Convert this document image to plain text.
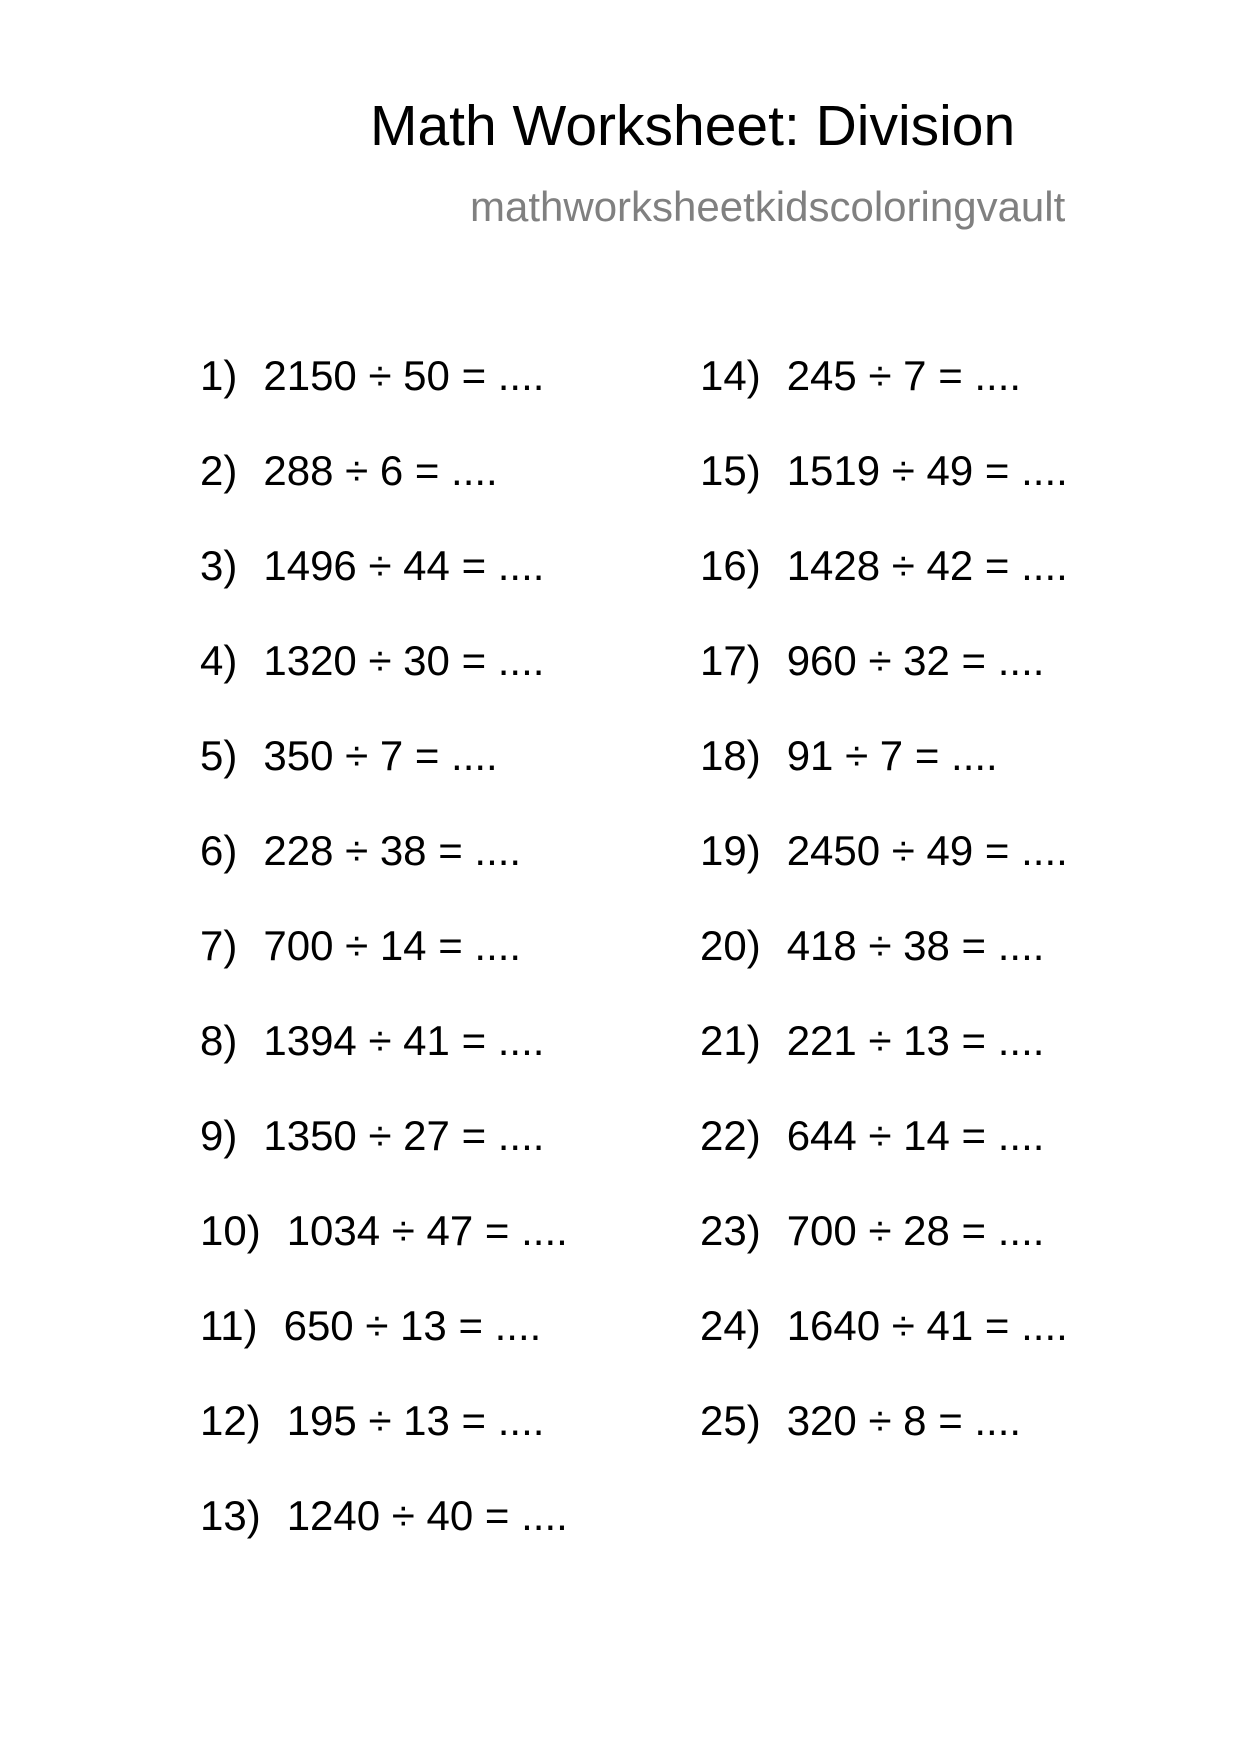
Math Worksheet: Division
mathworksheetkidscoloringvault
1) 2150 ÷ 50 = ....
2) 288 ÷ 6 = ....
3) 1496 ÷ 44 = ....
4) 1320 ÷ 30 = ....
5) 350 ÷ 7 = ....
6) 228 ÷ 38 = ....
7) 700 ÷ 14 = ....
8) 1394 ÷ 41 = ....
9) 1350 ÷ 27 = ....
10) 1034 ÷ 47 = ....
11) 650 ÷ 13 = ....
12) 195 ÷ 13 = ....
13) 1240 ÷ 40 = ....
14) 245 ÷ 7 = ....
15) 1519 ÷ 49 = ....
16) 1428 ÷ 42 = ....
17) 960 ÷ 32 = ....
18) 91 ÷ 7 = ....
19) 2450 ÷ 49 = ....
20) 418 ÷ 38 = ....
21) 221 ÷ 13 = ....
22) 644 ÷ 14 = ....
23) 700 ÷ 28 = ....
24) 1640 ÷ 41 = ....
25) 320 ÷ 8 = ....
